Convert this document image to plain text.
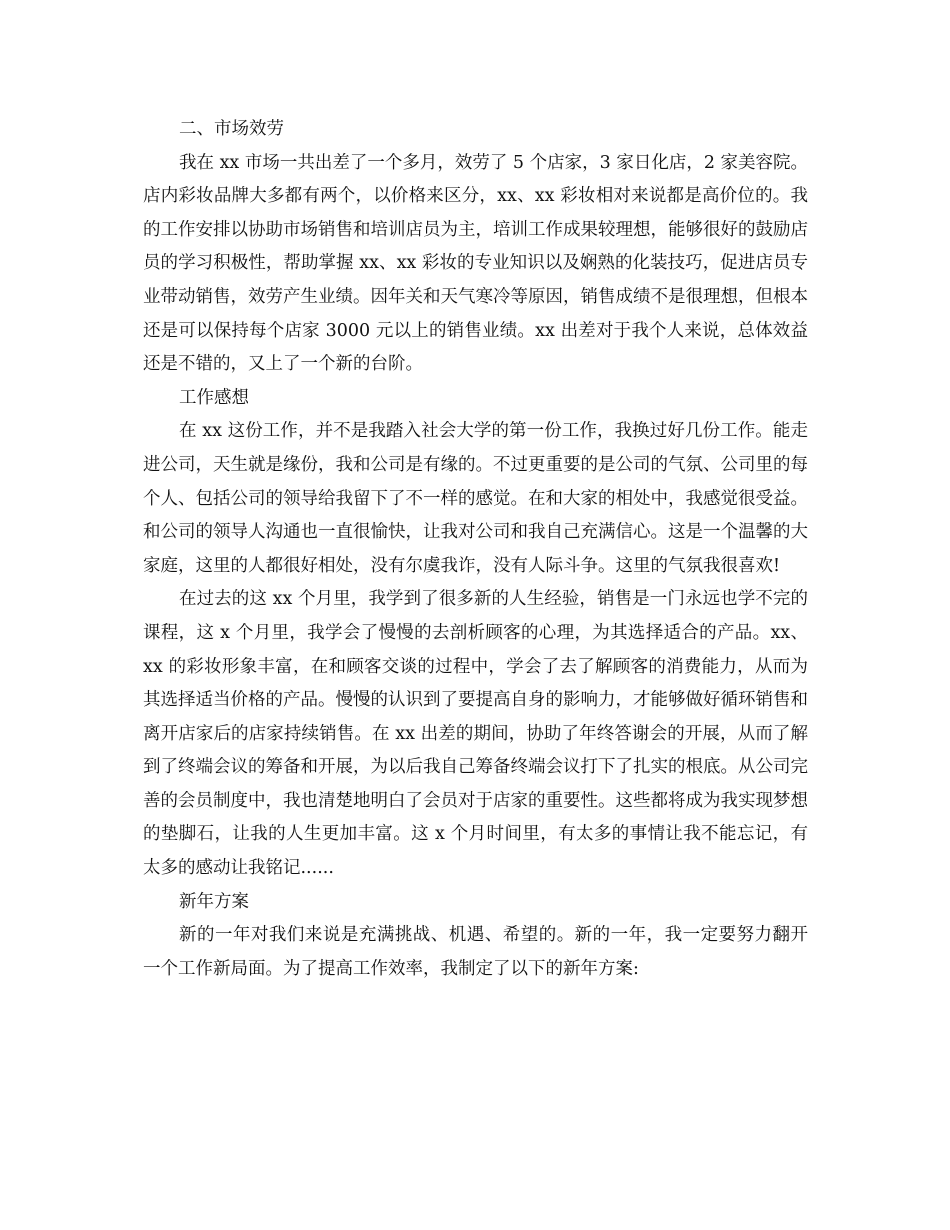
二、市场效劳

我在 xx 市场一共出差了一个多月，效劳了 5 个店家，3 家日化店，2 家美容院。店内彩妆品牌大多都有两个，以价格来区分，xx、xx 彩妆相对来说都是高价位的。我的工作安排以协助市场销售和培训店员为主，培训工作成果较理想，能够很好的鼓励店员的学习积极性，帮助掌握 xx、xx 彩妆的专业知识以及娴熟的化装技巧，促进店员专业带动销售，效劳产生业绩。因年关和天气寒冷等原因，销售成绩不是很理想，但根本还是可以保持每个店家 3000 元以上的销售业绩。xx 出差对于我个人来说，总体效益还是不错的，又上了一个新的台阶。

工作感想

在 xx 这份工作，并不是我踏入社会大学的第一份工作，我换过好几份工作。能走进公司，天生就是缘份，我和公司是有缘的。不过更重要的是公司的气氛、公司里的每个人、包括公司的领导给我留下了不一样的感觉。在和大家的相处中，我感觉很受益。和公司的领导人沟通也一直很愉快，让我对公司和我自己充满信心。这是一个温馨的大家庭，这里的人都很好相处，没有尔虞我诈，没有人际斗争。这里的气氛我很喜欢!

在过去的这 xx 个月里，我学到了很多新的人生经验，销售是一门永远也学不完的课程，这 x 个月里，我学会了慢慢的去剖析顾客的心理，为其选择适合的产品。xx、xx 的彩妆形象丰富，在和顾客交谈的过程中，学会了去了解顾客的消费能力，从而为其选择适当价格的产品。慢慢的认识到了要提高自身的影响力，才能够做好循环销售和离开店家后的店家持续销售。在 xx 出差的期间，协助了年终答谢会的开展，从而了解到了终端会议的筹备和开展，为以后我自己筹备终端会议打下了扎实的根底。从公司完善的会员制度中，我也清楚地明白了会员对于店家的重要性。这些都将成为我实现梦想的垫脚石，让我的人生更加丰富。这 x 个月时间里，有太多的事情让我不能忘记，有太多的感动让我铭记......

新年方案

新的一年对我们来说是充满挑战、机遇、希望的。新的一年，我一定要努力翻开一个工作新局面。为了提高工作效率，我制定了以下的新年方案:
